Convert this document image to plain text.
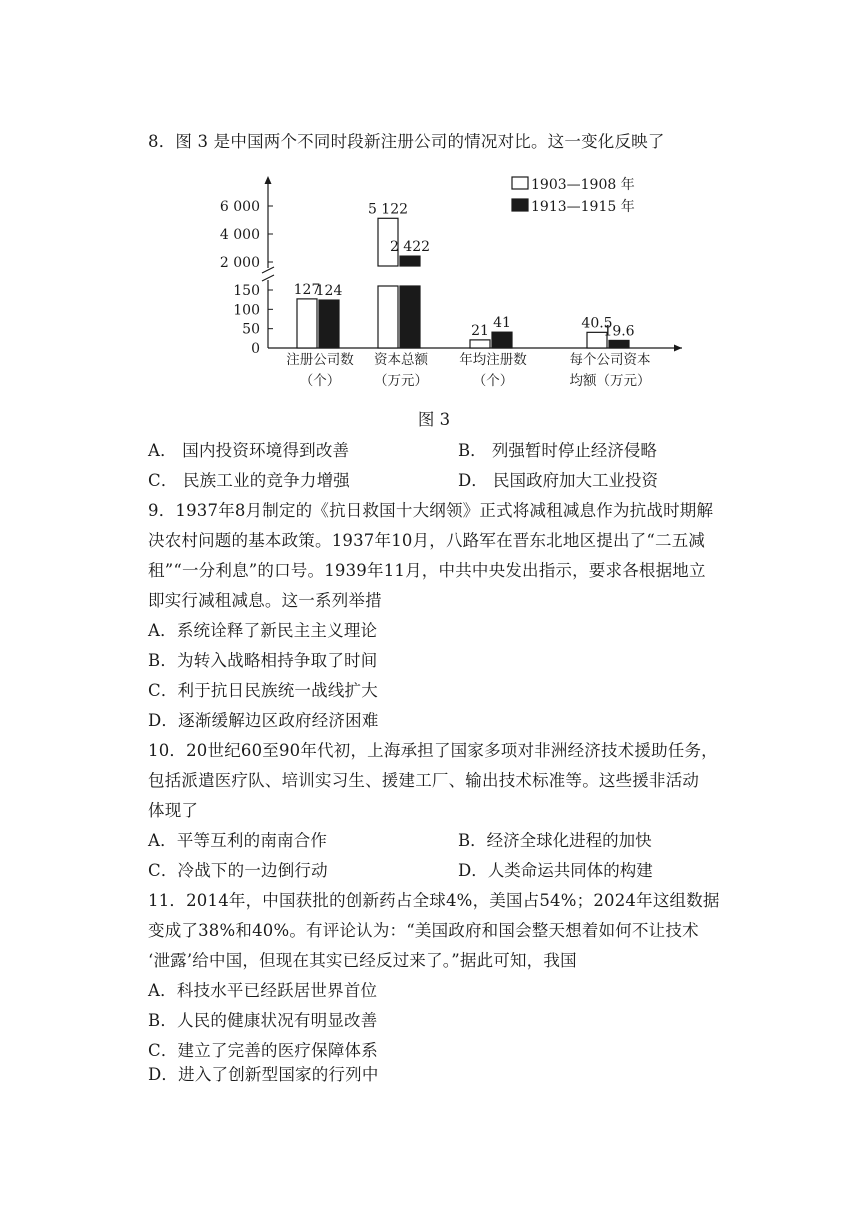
8．图 3 是中国两个不同时段新注册公司的情况对比。这一变化反映了
0
50
100
150
2 000
4 000
6 000
127
5 122
21	40.5
124
2 422
41
19.6
注册公司数
（个）
资本总额
（万元）
年均注册数
（个）
每个公司资本
均额（万元）
1903—1908 年
1913—1915 年
图 3
A． 国内投资环境得到改善	B． 列强暂时停止经济侵略
C． 民族工业的竞争力增强	D． 民国政府加大工业投资
9．1937年8月制定的《抗日救国十大纲领》正式将减租减息作为抗战时期解
决农村问题的基本政策。1937年10月，八路军在晋东北地区提出了“二五减
租”“一分利息”的口号。1939年11月，中共中央发出指示，要求各根据地立
即实行减租减息。这一系列举措
A．系统诠释了新民主主义理论
B．为转入战略相持争取了时间
C．利于抗日民族统一战线扩大
D．逐渐缓解边区政府经济困难
10．20世纪60至90年代初，上海承担了国家多项对非洲经济技术援助任务，
包括派遣医疗队、培训实习生、援建工厂、输出技术标准等。这些援非活动
体现了
A．平等互利的南南合作	B．经济全球化进程的加快
C．冷战下的一边倒行动	D．人类命运共同体的构建
11．2014年，中国获批的创新药占全球4%，美国占54%；2024年这组数据
变成了38%和40%。有评论认为：“美国政府和国会整天想着如何不让技术
‘泄露’给中国，但现在其实已经反过来了。”据此可知，我国
A．科技水平已经跃居世界首位
B．人民的健康状况有明显改善
C．建立了完善的医疗保障体系
D．进入了创新型国家的行列中
